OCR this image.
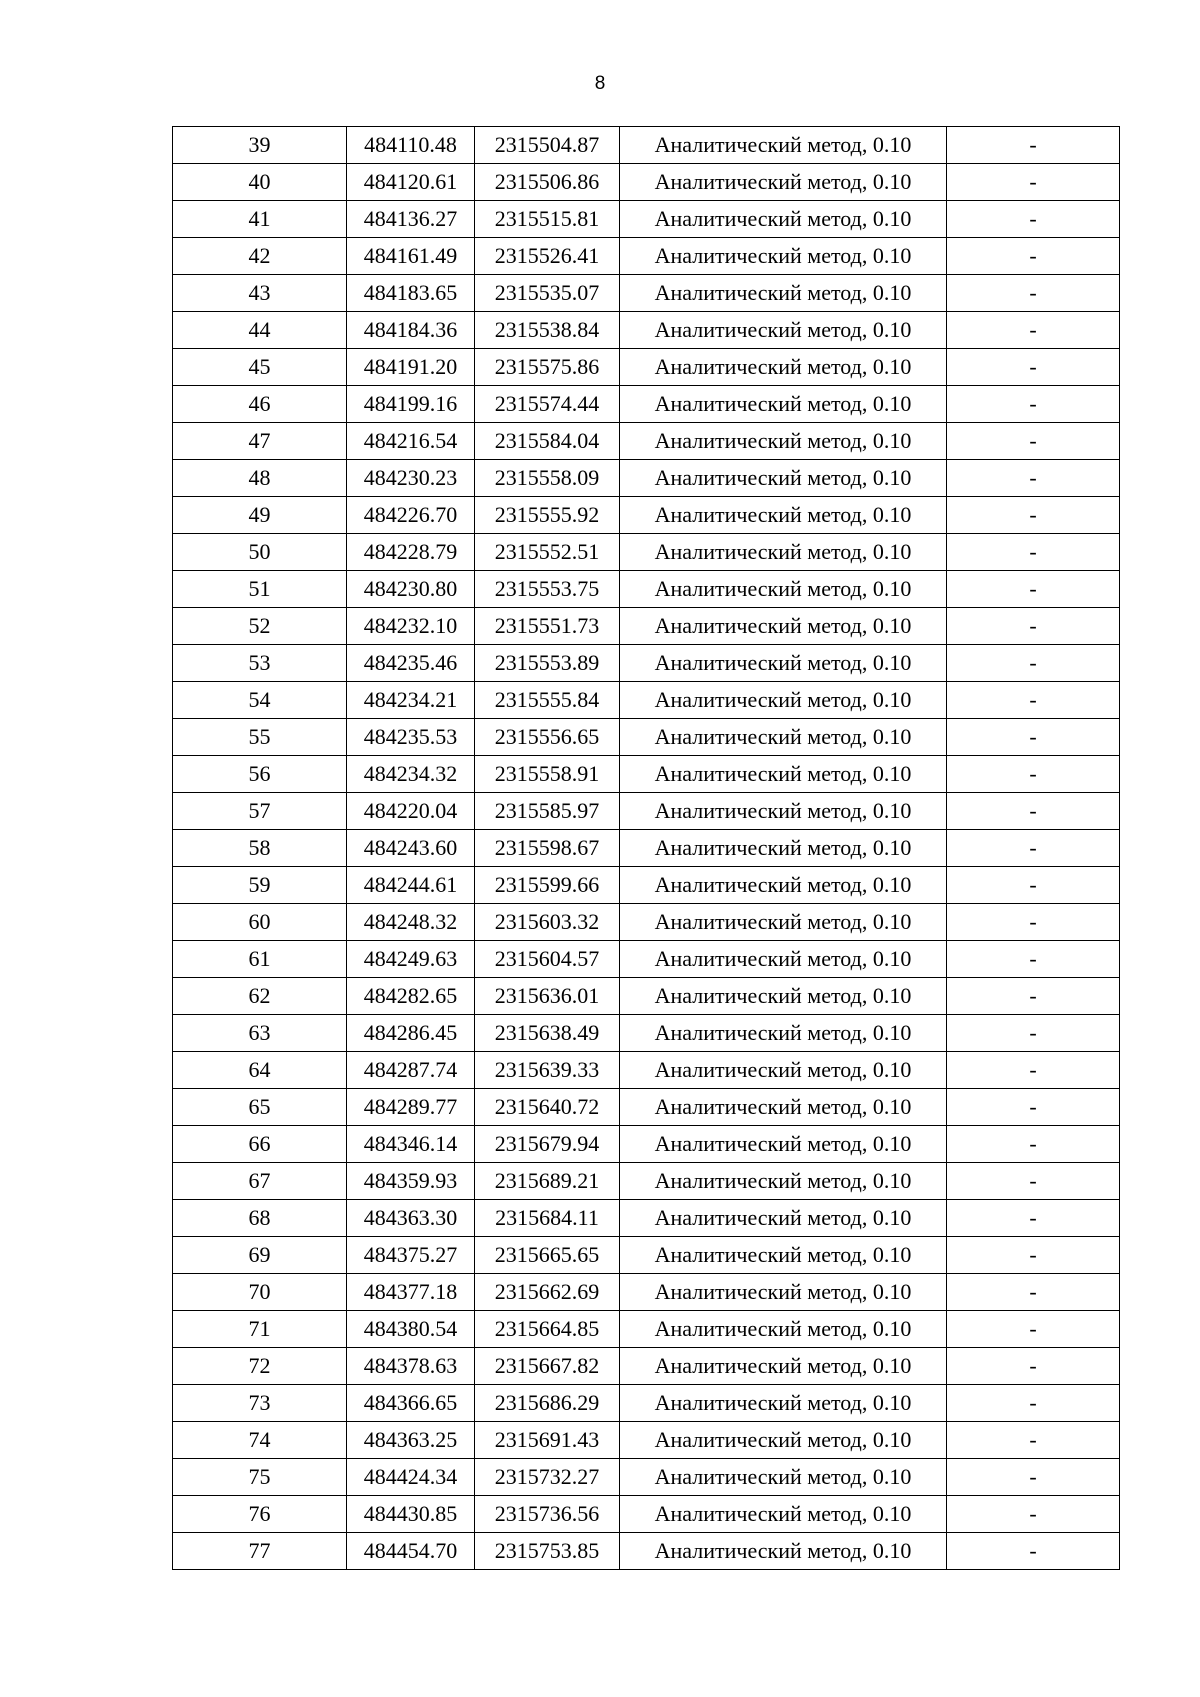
8
39	484110.48	2315504.87	Аналитический метод, 0.10	-
40	484120.61	2315506.86	Аналитический метод, 0.10	-
41	484136.27	2315515.81	Аналитический метод, 0.10	-
42	484161.49	2315526.41	Аналитический метод, 0.10	-
43	484183.65	2315535.07	Аналитический метод, 0.10	-
44	484184.36	2315538.84	Аналитический метод, 0.10	-
45	484191.20	2315575.86	Аналитический метод, 0.10	-
46	484199.16	2315574.44	Аналитический метод, 0.10	-
47	484216.54	2315584.04	Аналитический метод, 0.10	-
48	484230.23	2315558.09	Аналитический метод, 0.10	-
49	484226.70	2315555.92	Аналитический метод, 0.10	-
50	484228.79	2315552.51	Аналитический метод, 0.10	-
51	484230.80	2315553.75	Аналитический метод, 0.10	-
52	484232.10	2315551.73	Аналитический метод, 0.10	-
53	484235.46	2315553.89	Аналитический метод, 0.10	-
54	484234.21	2315555.84	Аналитический метод, 0.10	-
55	484235.53	2315556.65	Аналитический метод, 0.10	-
56	484234.32	2315558.91	Аналитический метод, 0.10	-
57	484220.04	2315585.97	Аналитический метод, 0.10	-
58	484243.60	2315598.67	Аналитический метод, 0.10	-
59	484244.61	2315599.66	Аналитический метод, 0.10	-
60	484248.32	2315603.32	Аналитический метод, 0.10	-
61	484249.63	2315604.57	Аналитический метод, 0.10	-
62	484282.65	2315636.01	Аналитический метод, 0.10	-
63	484286.45	2315638.49	Аналитический метод, 0.10	-
64	484287.74	2315639.33	Аналитический метод, 0.10	-
65	484289.77	2315640.72	Аналитический метод, 0.10	-
66	484346.14	2315679.94	Аналитический метод, 0.10	-
67	484359.93	2315689.21	Аналитический метод, 0.10	-
68	484363.30	2315684.11	Аналитический метод, 0.10	-
69	484375.27	2315665.65	Аналитический метод, 0.10	-
70	484377.18	2315662.69	Аналитический метод, 0.10	-
71	484380.54	2315664.85	Аналитический метод, 0.10	-
72	484378.63	2315667.82	Аналитический метод, 0.10	-
73	484366.65	2315686.29	Аналитический метод, 0.10	-
74	484363.25	2315691.43	Аналитический метод, 0.10	-
75	484424.34	2315732.27	Аналитический метод, 0.10	-
76	484430.85	2315736.56	Аналитический метод, 0.10	-
77	484454.70	2315753.85	Аналитический метод, 0.10	-
